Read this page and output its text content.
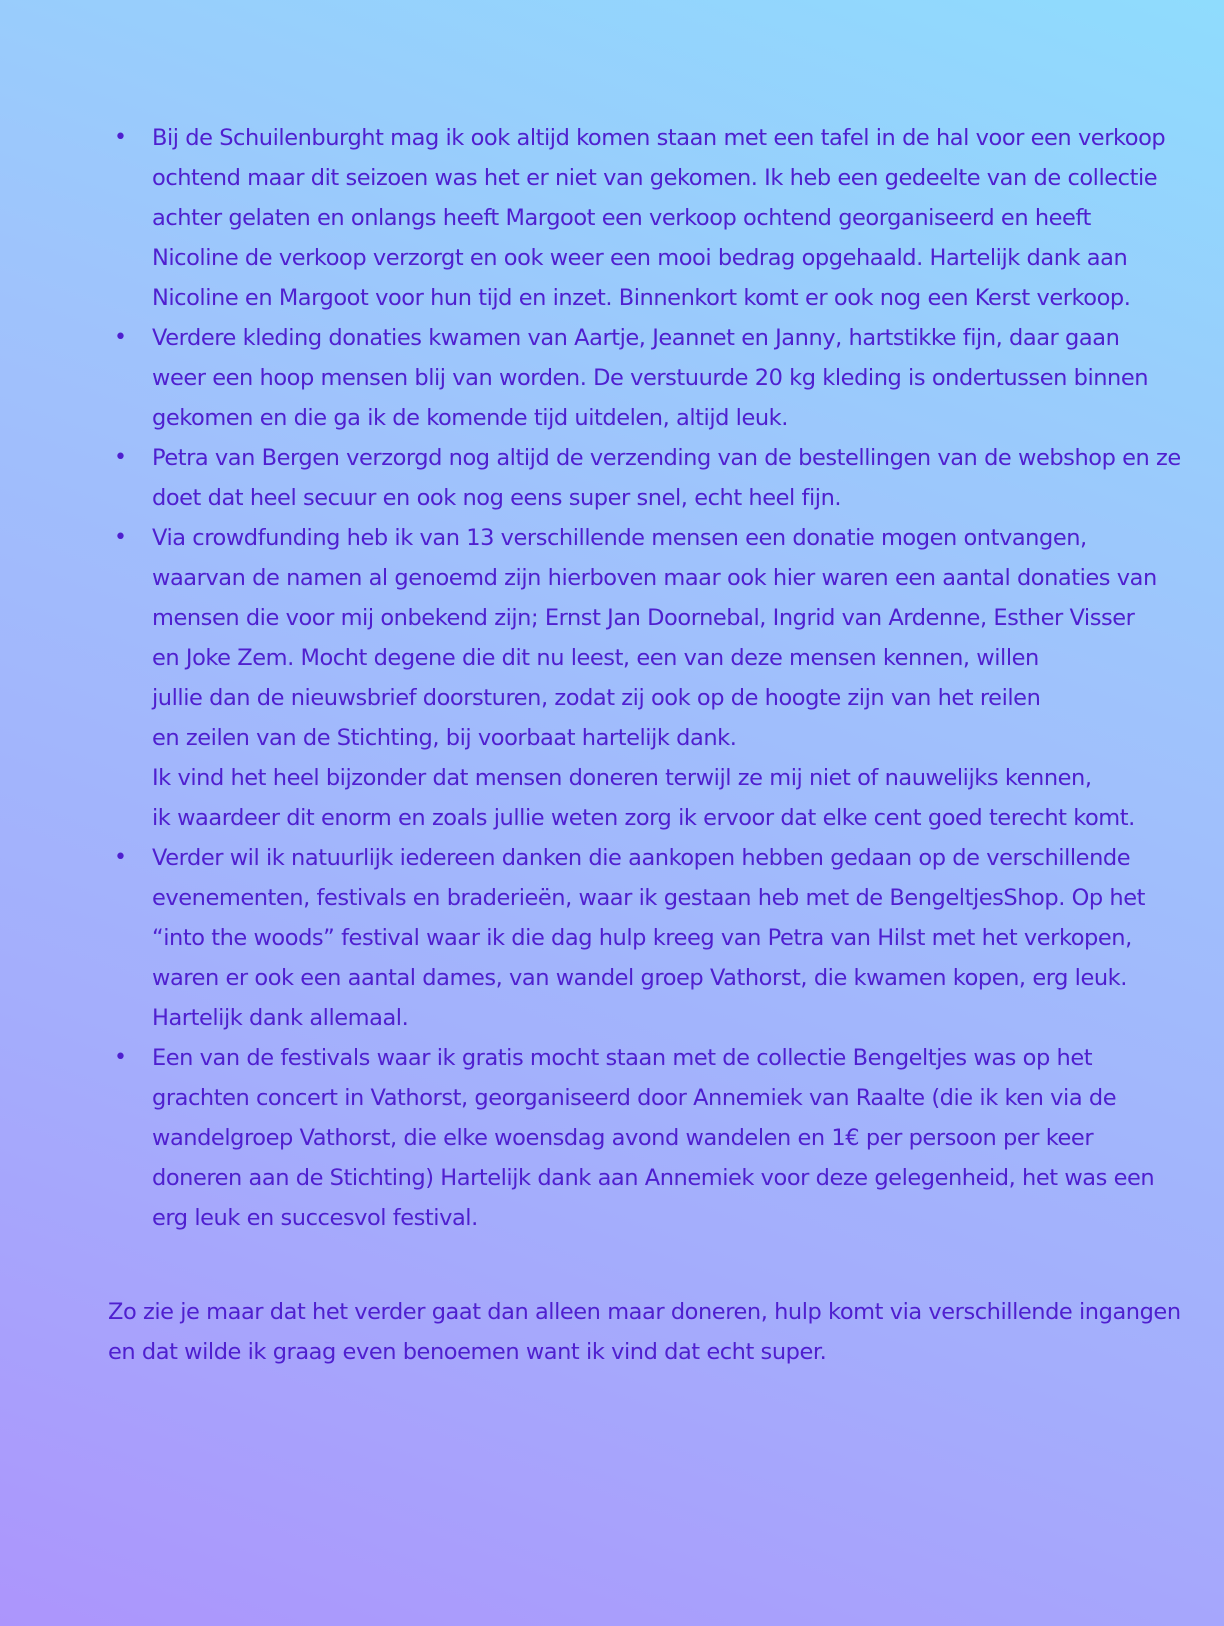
• Bij de Schuilenburght mag ik ook altijd komen staan met een tafel in de hal voor een verkoop
ochtend maar dit seizoen was het er niet van gekomen. Ik heb een gedeelte van de collectie
achter gelaten en onlangs heeft Margoot een verkoop ochtend georganiseerd en heeft
Nicoline de verkoop verzorgt en ook weer een mooi bedrag opgehaald. Hartelijk dank aan
Nicoline en Margoot voor hun tijd en inzet. Binnenkort komt er ook nog een Kerst verkoop.
• Verdere kleding donaties kwamen van Aartje, Jeannet en Janny, hartstikke fijn, daar gaan
weer een hoop mensen blij van worden. De verstuurde 20 kg kleding is ondertussen binnen
gekomen en die ga ik de komende tijd uitdelen, altijd leuk.
• Petra van Bergen verzorgd nog altijd de verzending van de bestellingen van de webshop en ze
doet dat heel secuur en ook nog eens super snel, echt heel fijn.
• Via crowdfunding heb ik van 13 verschillende mensen een donatie mogen ontvangen,
waarvan de namen al genoemd zijn hierboven maar ook hier waren een aantal donaties van
mensen die voor mij onbekend zijn; Ernst Jan Doornebal, Ingrid van Ardenne, Esther Visser
en Joke Zem. Mocht degene die dit nu leest, een van deze mensen kennen, willen
jullie dan de nieuwsbrief doorsturen, zodat zij ook op de hoogte zijn van het reilen
en zeilen van de Stichting, bij voorbaat hartelijk dank.
Ik vind het heel bijzonder dat mensen doneren terwijl ze mij niet of nauwelijks kennen,
ik waardeer dit enorm en zoals jullie weten zorg ik ervoor dat elke cent goed terecht komt.
• Verder wil ik natuurlijk iedereen danken die aankopen hebben gedaan op de verschillende
evenementen, festivals en braderieën, waar ik gestaan heb met de BengeltjesShop. Op het
“into the woods” festival waar ik die dag hulp kreeg van Petra van Hilst met het verkopen,
waren er ook een aantal dames, van wandel groep Vathorst, die kwamen kopen, erg leuk.
Hartelijk dank allemaal.
• Een van de festivals waar ik gratis mocht staan met de collectie Bengeltjes was op het
grachten concert in Vathorst, georganiseerd door Annemiek van Raalte (die ik ken via de
wandelgroep Vathorst, die elke woensdag avond wandelen en 1€ per persoon per keer
doneren aan de Stichting) Hartelijk dank aan Annemiek voor deze gelegenheid, het was een
erg leuk en succesvol festival.
Zo zie je maar dat het verder gaat dan alleen maar doneren, hulp komt via verschillende ingangen
en dat wilde ik graag even benoemen want ik vind dat echt super.
